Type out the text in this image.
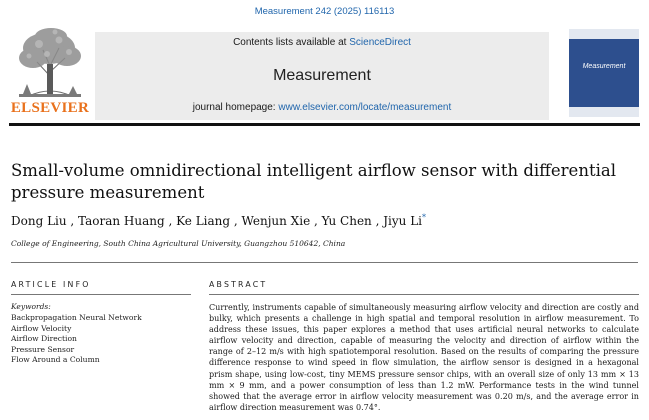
Measurement 242 (2025) 116113
ELSEVIER
Contents lists available at ScienceDirect
Measurement
journal homepage: www.elsevier.com/locate/measurement
Measurement
Small-volume omnidirectional intelligent airflow sensor with differential pressure measurement
Dong Liu , Taoran Huang , Ke Liang , Wenjun Xie , Yu Chen , Jiyu Li*
College of Engineering, South China Agricultural University, Guangzhou 510642, China
ARTICLE INFO	ABSTRACT
Keywords:
Backpropagation Neural Network
Airflow Velocity
Airflow Direction
Pressure Sensor
Flow Around a Column

Currently, instruments capable of simultaneously measuring airflow velocity and direction are costly and bulky, which presents a challenge in high spatial and temporal resolution in airflow measurement. To address these issues, this paper explores a method that uses artificial neural networks to calculate airflow velocity and direction, capable of measuring the velocity and direction of airflow within the range of 2–12 m/s with high spatiotemporal resolution. Based on the results of comparing the pressure difference response to wind speed in flow simulation, the airflow sensor is designed in a hexagonal prism shape, using low-cost, tiny MEMS pressure sensor chips, with an overall size of only 13 mm × 13 mm × 9 mm, and a power consumption of less than 1.2 mW. Performance tests in the wind tunnel showed that the average error in airflow velocity measurement was 0.20 m/s, and the average error in airflow direction measurement was 0.74°.
